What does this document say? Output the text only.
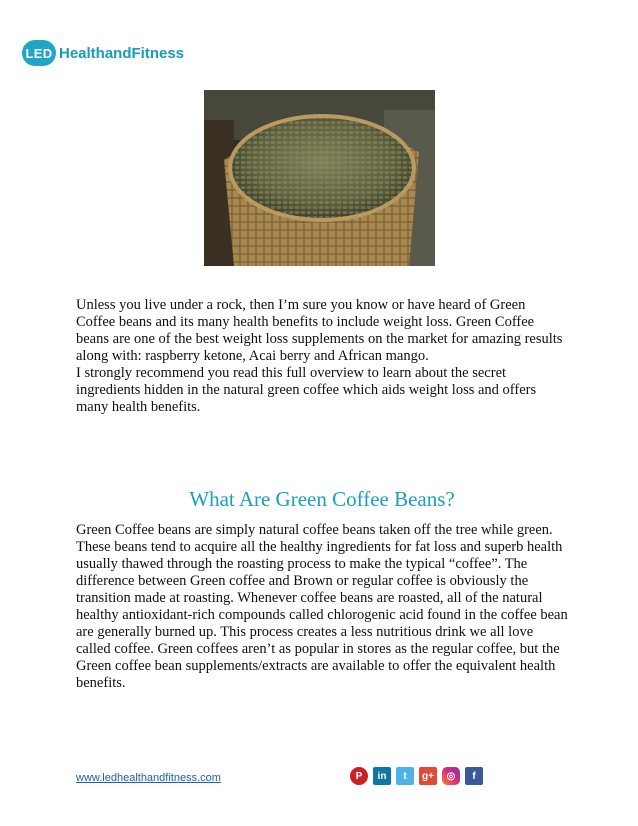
LED HealthandFitness

Unless you live under a rock, then I’m sure you know or have heard of Green Coffee beans and its many health benefits to include weight loss. Green Coffee beans are one of the best weight loss supplements on the market for amazing results along with: raspberry ketone, Acai berry and African mango.
I strongly recommend you read this full overview to learn about the secret ingredients hidden in the natural green coffee which aids weight loss and offers many health benefits.

What Are Green Coffee Beans?

Green Coffee beans are simply natural coffee beans taken off the tree while green. These beans tend to acquire all the healthy ingredients for fat loss and superb health usually thawed through the roasting process to make the typical “coffee”. The difference between Green coffee and Brown or regular coffee is obviously the transition made at roasting. Whenever coffee beans are roasted, all of the natural healthy antioxidant-rich compounds called chlorogenic acid found in the coffee bean are generally burned up. This process creates a less nutritious drink we all love called coffee. Green coffees aren’t as popular in stores as the regular coffee, but the Green coffee bean supplements/extracts are available to offer the equivalent health benefits.

www.ledhealthandfitness.com	P	in	t	g+	◎	f
